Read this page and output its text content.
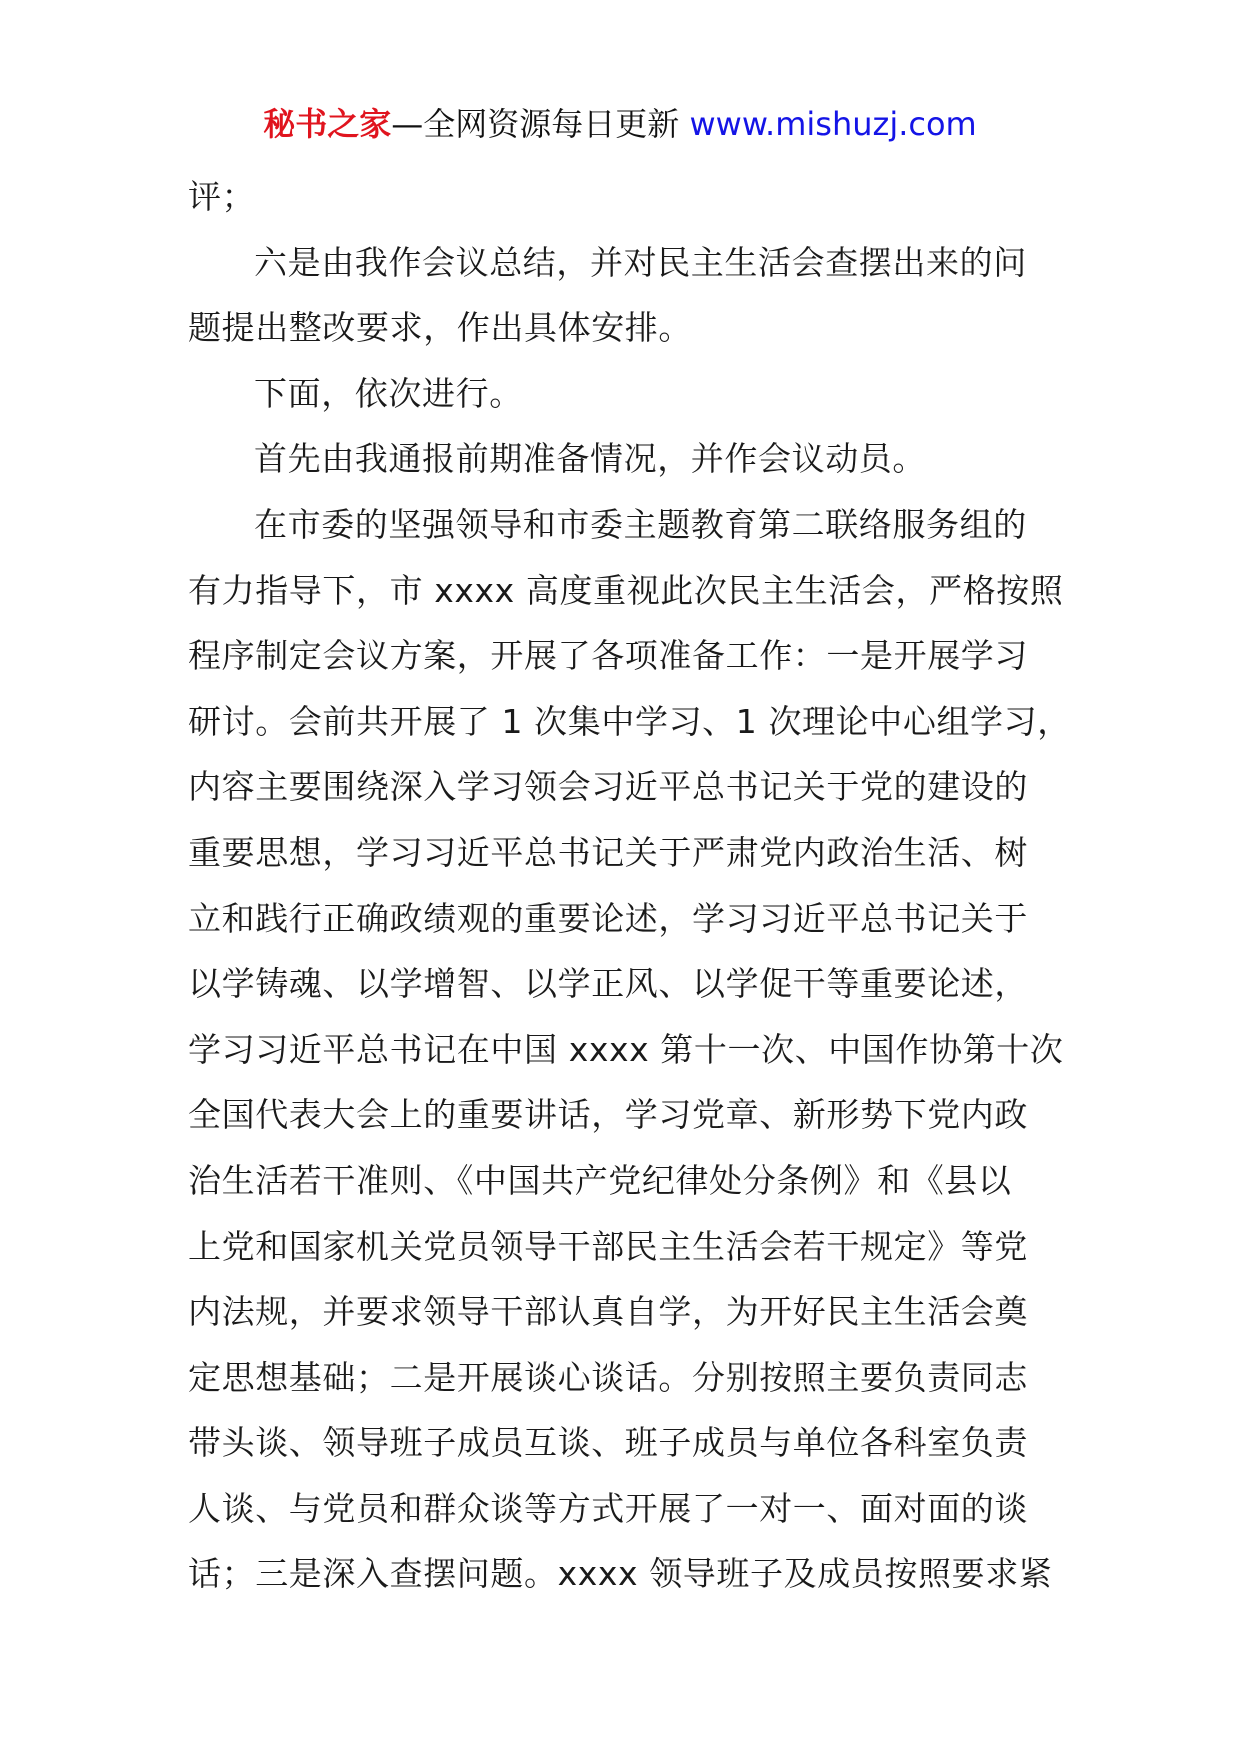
秘书之家—全网资源每日更新 www.mishuzj.com
评；
六是由我作会议总结，并对民主生活会查摆出来的问
题提出整改要求，作出具体安排。
下面，依次进行。
首先由我通报前期准备情况，并作会议动员。
在市委的坚强领导和市委主题教育第二联络服务组的
有力指导下，市 xxxx 高度重视此次民主生活会，严格按照
程序制定会议方案，开展了各项准备工作：一是开展学习
研讨。会前共开展了 1 次集中学习、1 次理论中心组学习，
内容主要围绕深入学习领会习近平总书记关于党的建设的
重要思想，学习习近平总书记关于严肃党内政治生活、树
立和践行正确政绩观的重要论述，学习习近平总书记关于
以学铸魂、以学增智、以学正风、以学促干等重要论述，
学习习近平总书记在中国 xxxx 第十一次、中国作协第十次
全国代表大会上的重要讲话，学习党章、新形势下党内政
治生活若干准则、《中国共产党纪律处分条例》和《县以
上党和国家机关党员领导干部民主生活会若干规定》等党
内法规，并要求领导干部认真自学，为开好民主生活会奠
定思想基础；二是开展谈心谈话。分别按照主要负责同志
带头谈、领导班子成员互谈、班子成员与单位各科室负责
人谈、与党员和群众谈等方式开展了一对一、面对面的谈
话；三是深入查摆问题。xxxx 领导班子及成员按照要求紧
